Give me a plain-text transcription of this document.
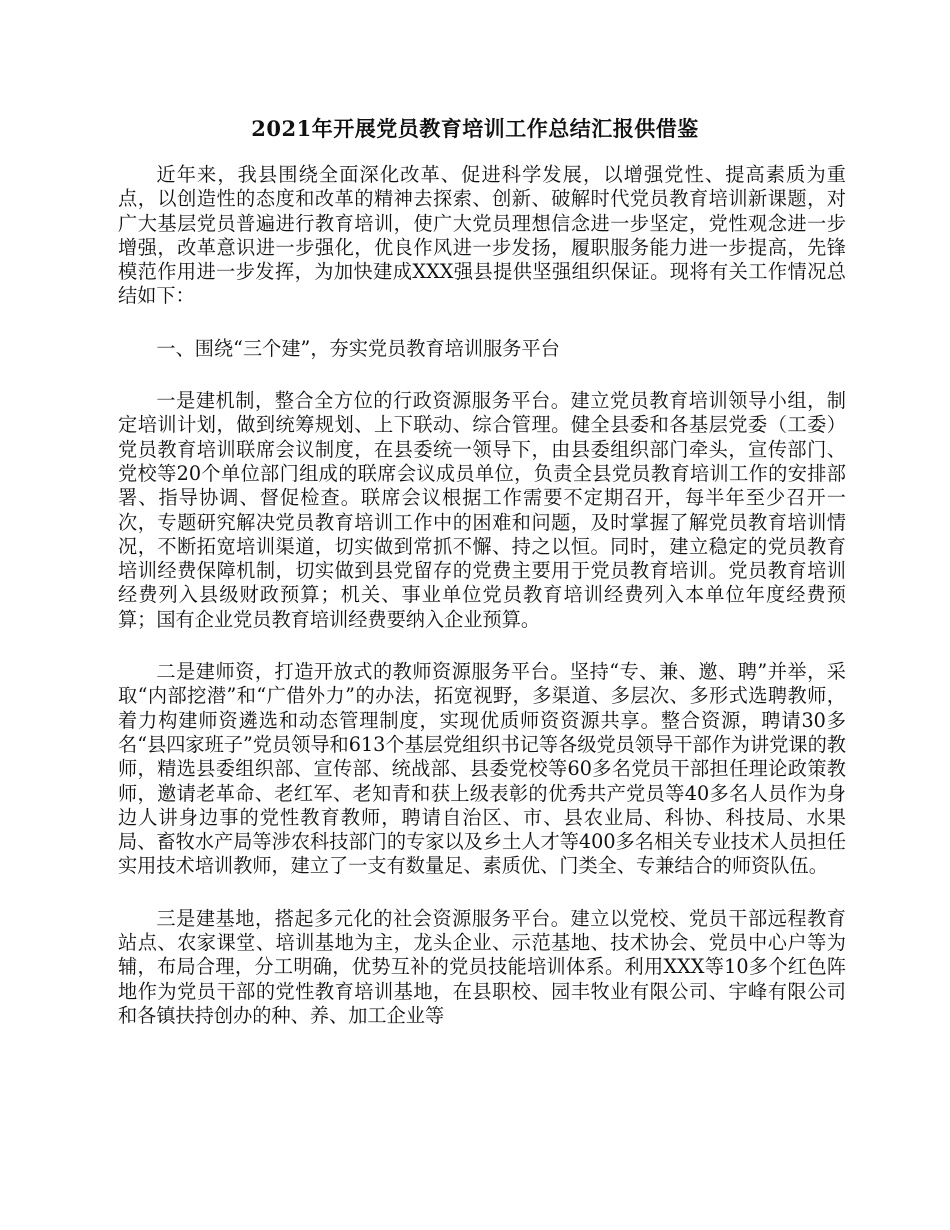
2021年开展党员教育培训工作总结汇报供借鉴

近年来，我县围绕全面深化改革、促进科学发展，以增强党性、提高素质为重点，以创造性的态度和改革的精神去探索、创新、破解时代党员教育培训新课题，对广大基层党员普遍进行教育培训，使广大党员理想信念进一步坚定，党性观念进一步增强，改革意识进一步强化，优良作风进一步发扬，履职服务能力进一步提高，先锋模范作用进一步发挥，为加快建成XXX强县提供坚强组织保证。现将有关工作情况总结如下：

一、围绕“三个建”，夯实党员教育培训服务平台

一是建机制，整合全方位的行政资源服务平台。建立党员教育培训领导小组，制定培训计划，做到统筹规划、上下联动、综合管理。健全县委和各基层党委（工委）党员教育培训联席会议制度，在县委统一领导下，由县委组织部门牵头，宣传部门、党校等20个单位部门组成的联席会议成员单位，负责全县党员教育培训工作的安排部署、指导协调、督促检查。联席会议根据工作需要不定期召开，每半年至少召开一次，专题研究解决党员教育培训工作中的困难和问题，及时掌握了解党员教育培训情况，不断拓宽培训渠道，切实做到常抓不懈、持之以恒。同时，建立稳定的党员教育培训经费保障机制，切实做到县党留存的党费主要用于党员教育培训。党员教育培训经费列入县级财政预算；机关、事业单位党员教育培训经费列入本单位年度经费预算；国有企业党员教育培训经费要纳入企业预算。

二是建师资，打造开放式的教师资源服务平台。坚持“专、兼、邀、聘”并举，采取“内部挖潜”和“广借外力”的办法，拓宽视野，多渠道、多层次、多形式选聘教师，着力构建师资遴选和动态管理制度，实现优质师资资源共享。整合资源，聘请30多名“县四家班子”党员领导和613个基层党组织书记等各级党员领导干部作为讲党课的教师，精选县委组织部、宣传部、统战部、县委党校等60多名党员干部担任理论政策教师，邀请老革命、老红军、老知青和获上级表彰的优秀共产党员等40多名人员作为身边人讲身边事的党性教育教师，聘请自治区、市、县农业局、科协、科技局、水果局、畜牧水产局等涉农科技部门的专家以及乡土人才等400多名相关专业技术人员担任实用技术培训教师，建立了一支有数量足、素质优、门类全、专兼结合的师资队伍。

三是建基地，搭起多元化的社会资源服务平台。建立以党校、党员干部远程教育站点、农家课堂、培训基地为主，龙头企业、示范基地、技术协会、党员中心户等为辅，布局合理，分工明确，优势互补的党员技能培训体系。利用XXX等10多个红色阵地作为党员干部的党性教育培训基地，在县职校、园丰牧业有限公司、宇峰有限公司和各镇扶持创办的种、养、加工企业等
